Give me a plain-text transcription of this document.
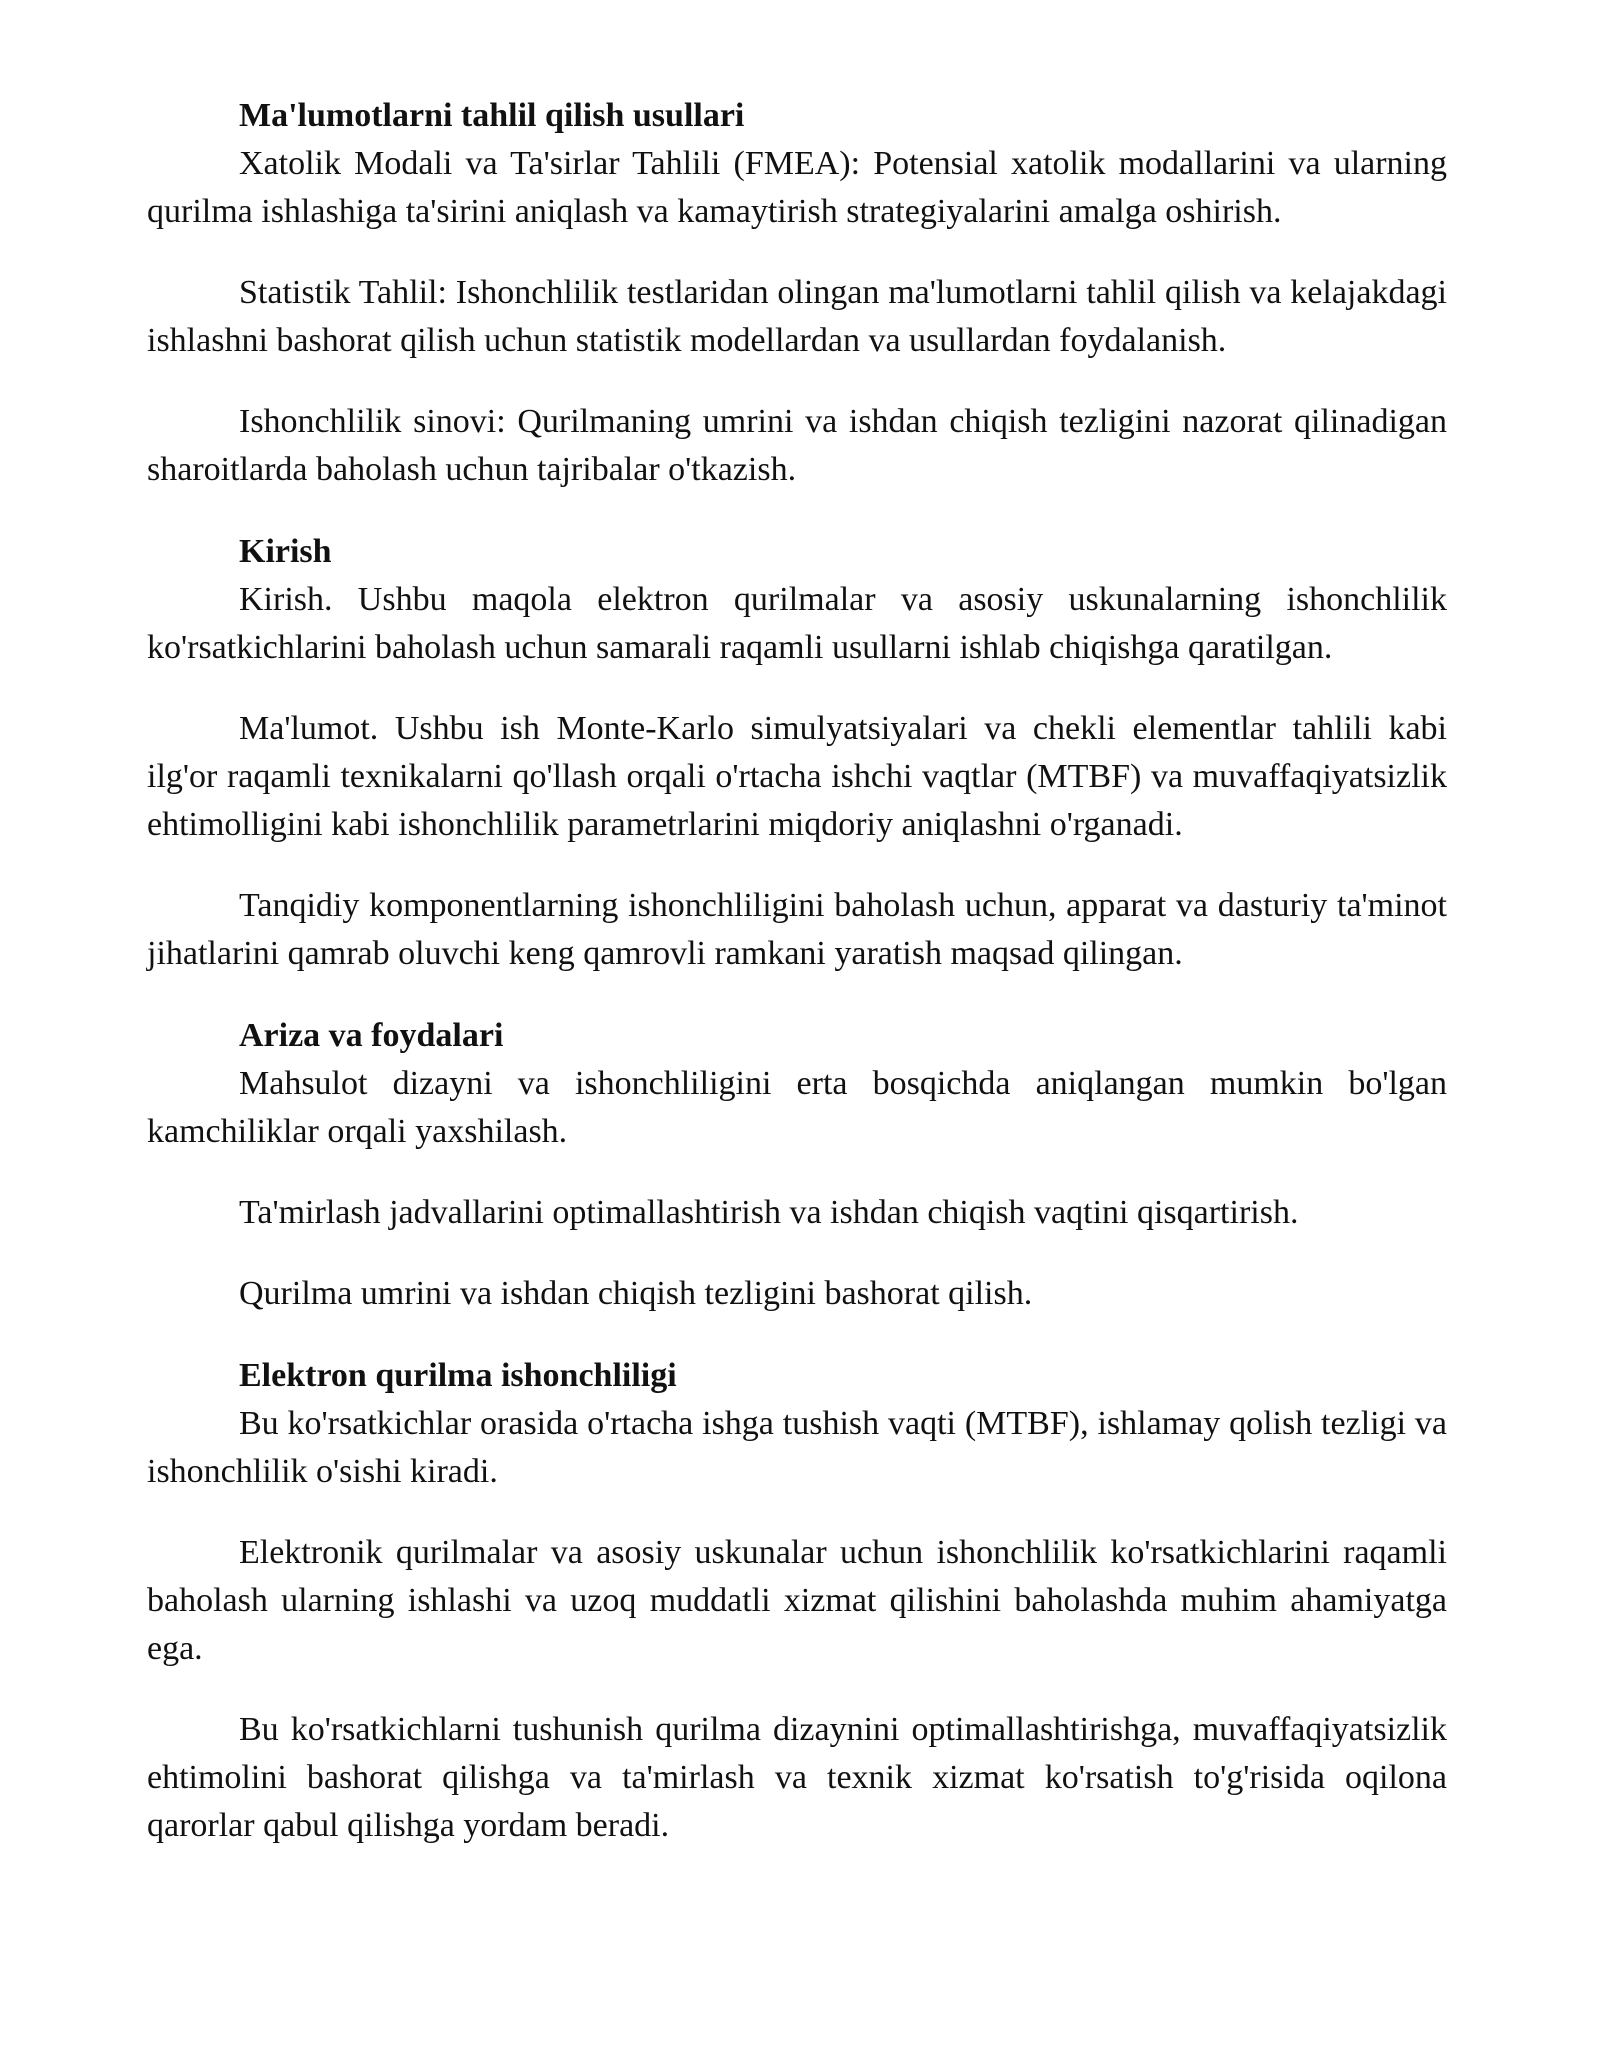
Ma'lumotlarni tahlil qilish usullari

Xatolik Modali va Ta'sirlar Tahlili (FMEA): Potensial xatolik modallarini va ularning qurilma ishlashiga ta'sirini aniqlash va kamaytirish strategiyalarini amalga oshirish.

Statistik Tahlil: Ishonchlilik testlaridan olingan ma'lumotlarni tahlil qilish va kelajakdagi ishlashni bashorat qilish uchun statistik modellardan va usullardan foydalanish.

Ishonchlilik sinovi: Qurilmaning umrini va ishdan chiqish tezligini nazorat qilinadigan sharoitlarda baholash uchun tajribalar o'tkazish.

Kirish

Kirish. Ushbu maqola elektron qurilmalar va asosiy uskunalarning ishonchlilik ko'rsatkichlarini baholash uchun samarali raqamli usullarni ishlab chiqishga qaratilgan.

Ma'lumot. Ushbu ish Monte-Karlo simulyatsiyalari va chekli elementlar tahlili kabi ilg'or raqamli texnikalarni qo'llash orqali o'rtacha ishchi vaqtlar (MTBF) va muvaffaqiyatsizlik ehtimolligini kabi ishonchlilik parametrlarini miqdoriy aniqlashni o'rganadi.

Tanqidiy komponentlarning ishonchliligini baholash uchun, apparat va dasturiy ta'minot jihatlarini qamrab oluvchi keng qamrovli ramkani yaratish maqsad qilingan.

Ariza va foydalari

Mahsulot dizayni va ishonchliligini erta bosqichda aniqlangan mumkin bo'lgan kamchiliklar orqali yaxshilash.

Ta'mirlash jadvallarini optimallashtirish va ishdan chiqish vaqtini qisqartirish.

Qurilma umrini va ishdan chiqish tezligini bashorat qilish.

Elektron qurilma ishonchliligi

Bu ko'rsatkichlar orasida o'rtacha ishga tushish vaqti (MTBF), ishlamay qolish tezligi va ishonchlilik o'sishi kiradi.

Elektronik qurilmalar va asosiy uskunalar uchun ishonchlilik ko'rsatkichlarini raqamli baholash ularning ishlashi va uzoq muddatli xizmat qilishini baholashda muhim ahamiyatga ega.

Bu ko'rsatkichlarni tushunish qurilma dizaynini optimallashtirishga, muvaffaqiyatsizlik ehtimolini bashorat qilishga va ta'mirlash va texnik xizmat ko'rsatish to'g'risida oqilona qarorlar qabul qilishga yordam beradi.
